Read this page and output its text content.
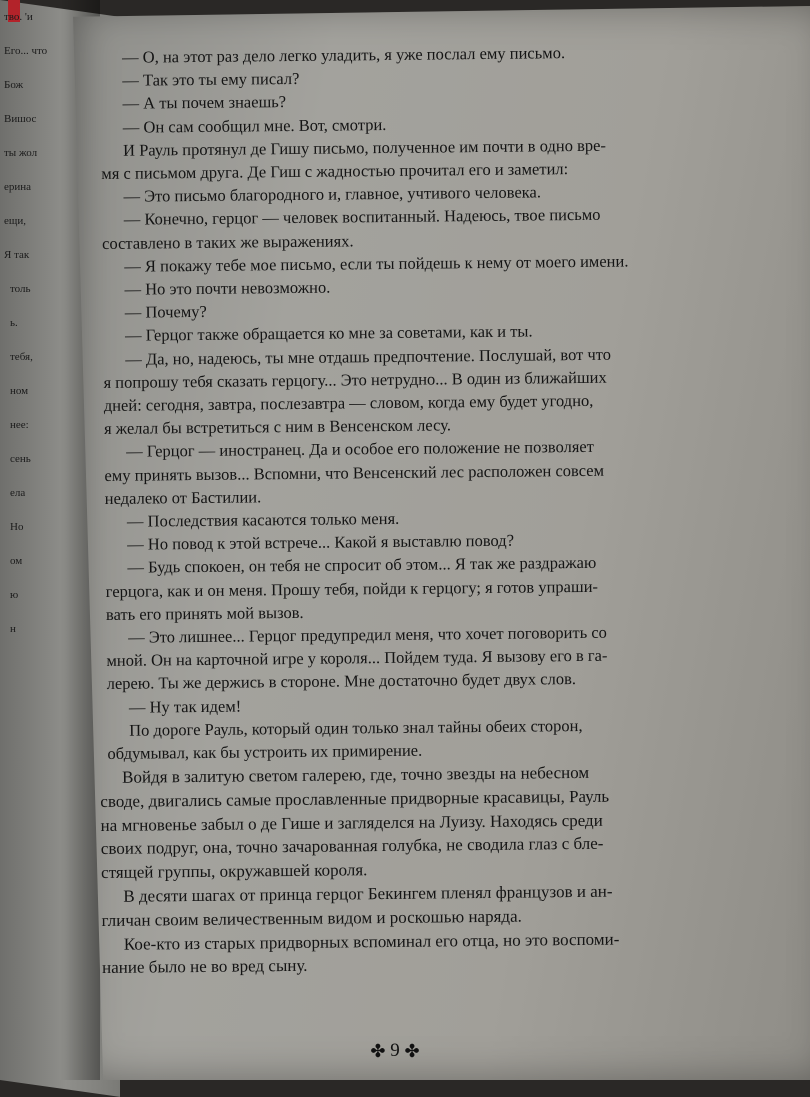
тво. 'и
Его... что
Бож
Вишос
ты жол
ерина
ещи,
Я так
толь
ь.
тебя,
ном
нее:
сень
ела
Но
ом
ю
н
— О, на этот раз дело легко уладить, я уже послал ему письмо.
— Так это ты ему писал?
— А ты почем знаешь?
— Он сам сообщил мне. Вот, смотри.
И Рауль протянул де Гишу письмо, полученное им почти в одно вре-
мя с письмом друга. Де Гиш с жадностью прочитал его и заметил:
— Это письмо благородного и, главное, учтивого человека.
— Конечно, герцог — человек воспитанный. Надеюсь, твое письмо
составлено в таких же выражениях.
— Я покажу тебе мое письмо, если ты пойдешь к нему от моего имени.
— Но это почти невозможно.
— Почему?
— Герцог также обращается ко мне за советами, как и ты.
— Да, но, надеюсь, ты мне отдашь предпочтение. Послушай, вот что
я попрошу тебя сказать герцогу... Это нетрудно... В один из ближайших
дней: сегодня, завтра, послезавтра — словом, когда ему будет угодно,
я желал бы встретиться с ним в Венсенском лесу.
— Герцог — иностранец. Да и особое его положение не позволяет
ему принять вызов... Вспомни, что Венсенский лес расположен совсем
недалеко от Бастилии.
— Последствия касаются только меня.
— Но повод к этой встрече... Какой я выставлю повод?
— Будь спокоен, он тебя не спросит об этом... Я так же раздражаю
герцога, как и он меня. Прошу тебя, пойди к герцогу; я готов упраши-
вать его принять мой вызов.
— Это лишнее... Герцог предупредил меня, что хочет поговорить со
мной. Он на карточной игре у короля... Пойдем туда. Я вызову его в га-
лерею. Ты же держись в стороне. Мне достаточно будет двух слов.
— Ну так идем!
По дороге Рауль, который один только знал тайны обеих сторон,
обдумывал, как бы устроить их примирение.
Войдя в залитую светом галерею, где, точно звезды на небесном
своде, двигались самые прославленные придворные красавицы, Рауль
на мгновенье забыл о де Гише и загляделся на Луизу. Находясь среди
своих подруг, она, точно зачарованная голубка, не сводила глаз с бле-
стящей группы, окружавшей короля.
В десяти шагах от принца герцог Бекингем пленял французов и ан-
гличан своим величественным видом и роскошью наряда.
Кое-кто из старых придворных вспоминал его отца, но это воспоми-
нание было не во вред сыну.
✤ 9 ✤
